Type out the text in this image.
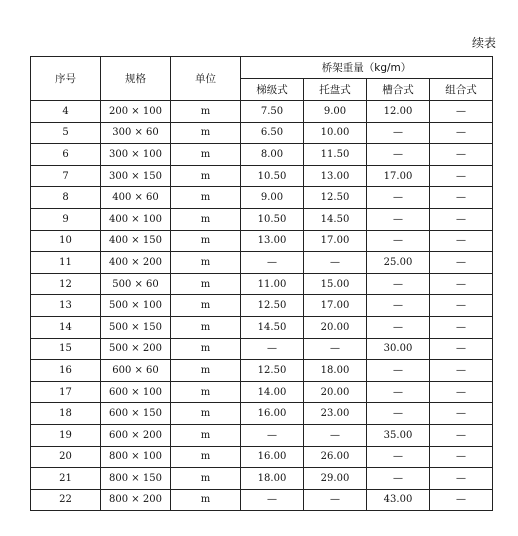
续表
序号	规格	单位	桥架重量（kg/m）			
			梯级式	托盘式	槽合式	组合式
4	200 × 100	m	7.50	9.00	12.00	—
5	300 × 60	m	6.50	10.00	—	—
6	300 × 100	m	8.00	11.50	—	—
7	300 × 150	m	10.50	13.00	17.00	—
8	400 × 60	m	9.00	12.50	—	—
9	400 × 100	m	10.50	14.50	—	—
10	400 × 150	m	13.00	17.00	—	—
11	400 × 200	m	—	—	25.00	—
12	500 × 60	m	11.00	15.00	—	—
13	500 × 100	m	12.50	17.00	—	—
14	500 × 150	m	14.50	20.00	—	—
15	500 × 200	m	—	—	30.00	—
16	600 × 60	m	12.50	18.00	—	—
17	600 × 100	m	14.00	20.00	—	—
18	600 × 150	m	16.00	23.00	—	—
19	600 × 200	m	—	—	35.00	—
20	800 × 100	m	16.00	26.00	—	—
21	800 × 150	m	18.00	29.00	—	—
22	800 × 200	m	—	—	43.00	—
